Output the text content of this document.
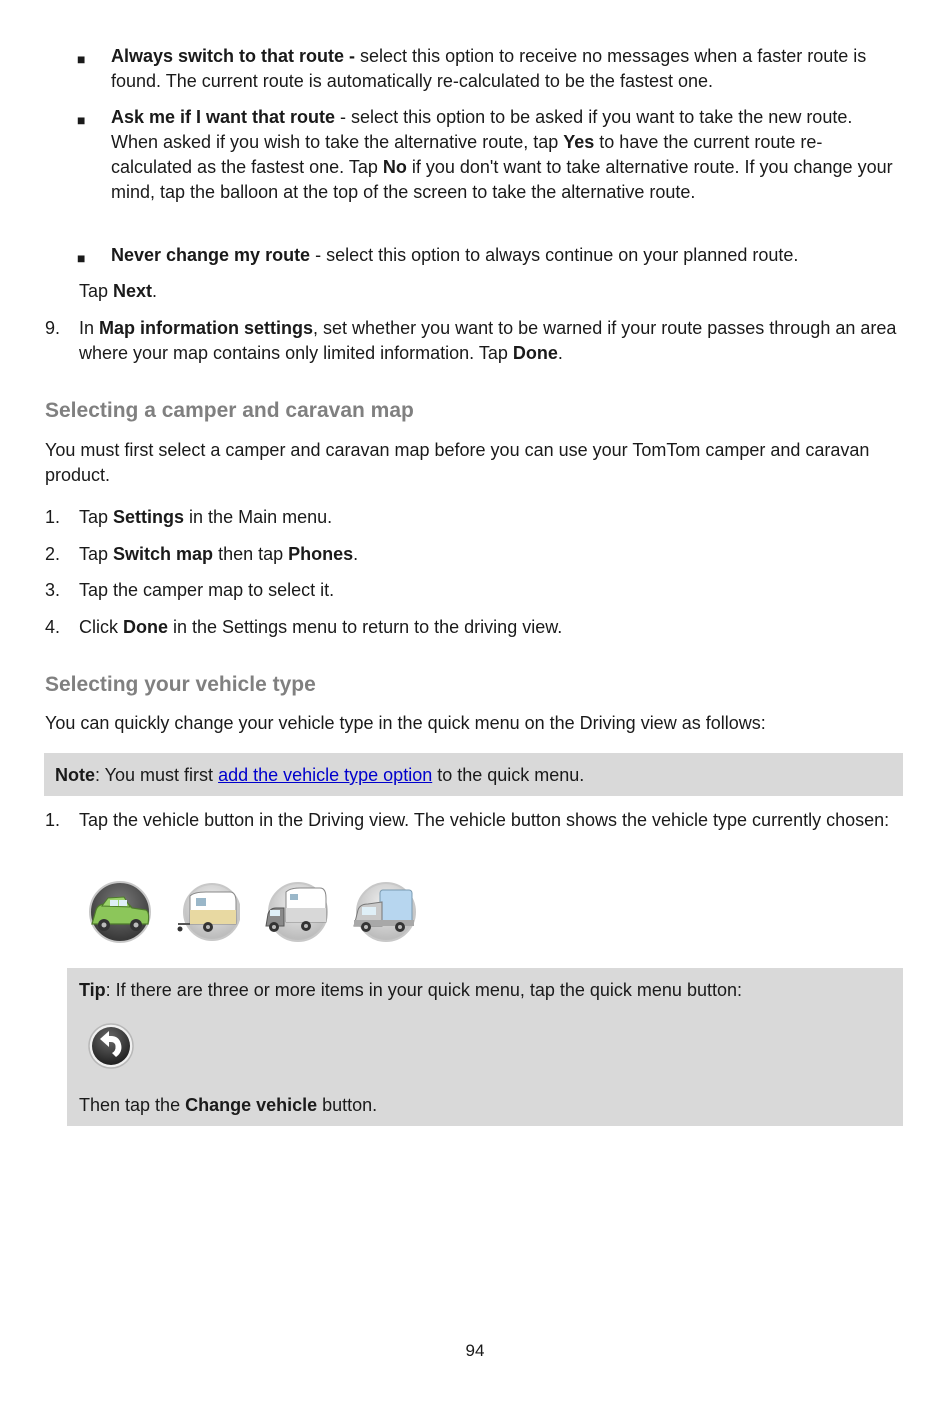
■ Always switch to that route - select this option to receive no messages when a faster route is found. The current route is automatically re-calculated to be the fastest one.
■ Ask me if I want that route - select this option to be asked if you want to take the new route. When asked if you wish to take the alternative route, tap Yes to have the current route re-calculated as the fastest one. Tap No if you don't want to take alternative route. If you change your mind, tap the balloon at the top of the screen to take the alternative route.
■ Never change my route - select this option to always continue on your planned route.
Tap Next.
9.	In Map information settings, set whether you want to be warned if your route passes through an area where your map contains only limited information. Tap Done.
Selecting a camper and caravan map
You must first select a camper and caravan map before you can use your TomTom camper and caravan product.
1.	Tap Settings in the Main menu.
2.	Tap Switch map then tap Phones.
3.	Tap the camper map to select it.
4.	Click Done in the Settings menu to return to the driving view.
Selecting your vehicle type
You can quickly change your vehicle type in the quick menu on the Driving view as follows:
Note: You must first add the vehicle type option to the quick menu.
1.	Tap the vehicle button in the Driving view. The vehicle button shows the vehicle type currently chosen:
Tip: If there are three or more items in your quick menu, tap the quick menu button:
Then tap the Change vehicle button.
94
